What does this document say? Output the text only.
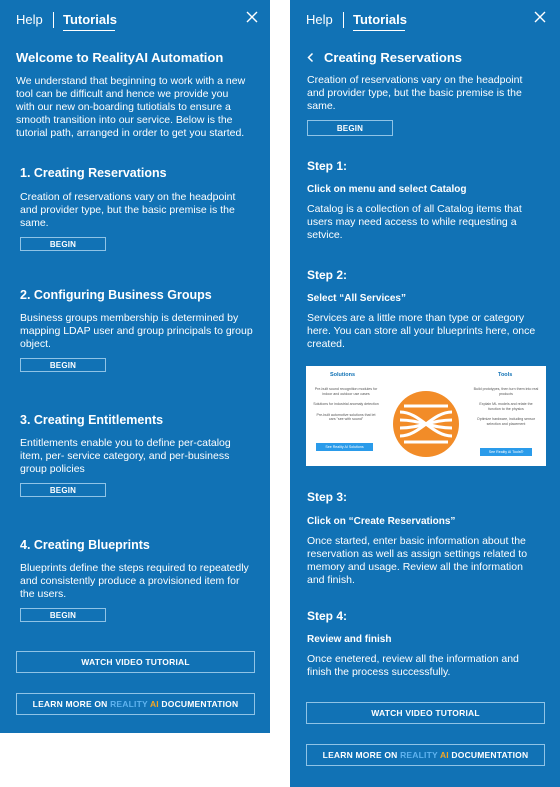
Help Tutorials
Welcome to RealityAI Automation
We understand that beginning to work with a new
tool can be difficult and hence we provide you
with our new on-boarding tutiotials to ensure a
smooth transition into our service. Below is the
tutorial path, arranged in order to get you started.
1. Creating Reservations
Creation of reservations vary on the headpoint
and provider type, but the basic premise is the
same.
BEGIN
2. Configuring Business Groups
Business groups membership is determined by
mapping LDAP user and group principals to group
object.
BEGIN
3. Creating Entitlements
Entitlements enable you to define per-catalog
item, per- service category, and per-business
group policies
BEGIN
4. Creating Blueprints
Blueprints define the steps required to repeatedly
and consistently produce a provisioned item for
the users.
BEGIN
WATCH VIDEO TUTORIAL
LEARN MORE ON REALITY AI DOCUMENTATION
Help Tutorials
Creating Reservations
Creation of reservations vary on the headpoint
and provider type, but the basic premise is the
same.
BEGIN
Step 1:
Click on menu and select Catalog
Catalog is a collection of all Catalog items that
users may need access to while requesting a
setvice.
Step 2:
Select “All Services”
Services are a little more than type or category
here. You can store all your blueprints here, once
created.
Solutions	Tools
Pre-built sound recognition modules for
indoor and outdoor use cases
Solutions for industrial anomaly detection
Pre-built automotive solutions that let
cars "see with sound"
Build prototypes, then turn them into real
products
Explain ML models and relate the
function to the physics
Optimize hardware, including sensor
selection and placement
See Reality AI Solutions
See Reality AI Tools®
Step 3:
Click on “Create Reservations”
Once started, enter basic information about the
reservation as well as assign settings related to
memory and usage. Review all the information
and finish.
Step 4:
Review and finish
Once enetered, review all the information and
finish the process successfully.
WATCH VIDEO TUTORIAL
LEARN MORE ON REALITY AI DOCUMENTATION
